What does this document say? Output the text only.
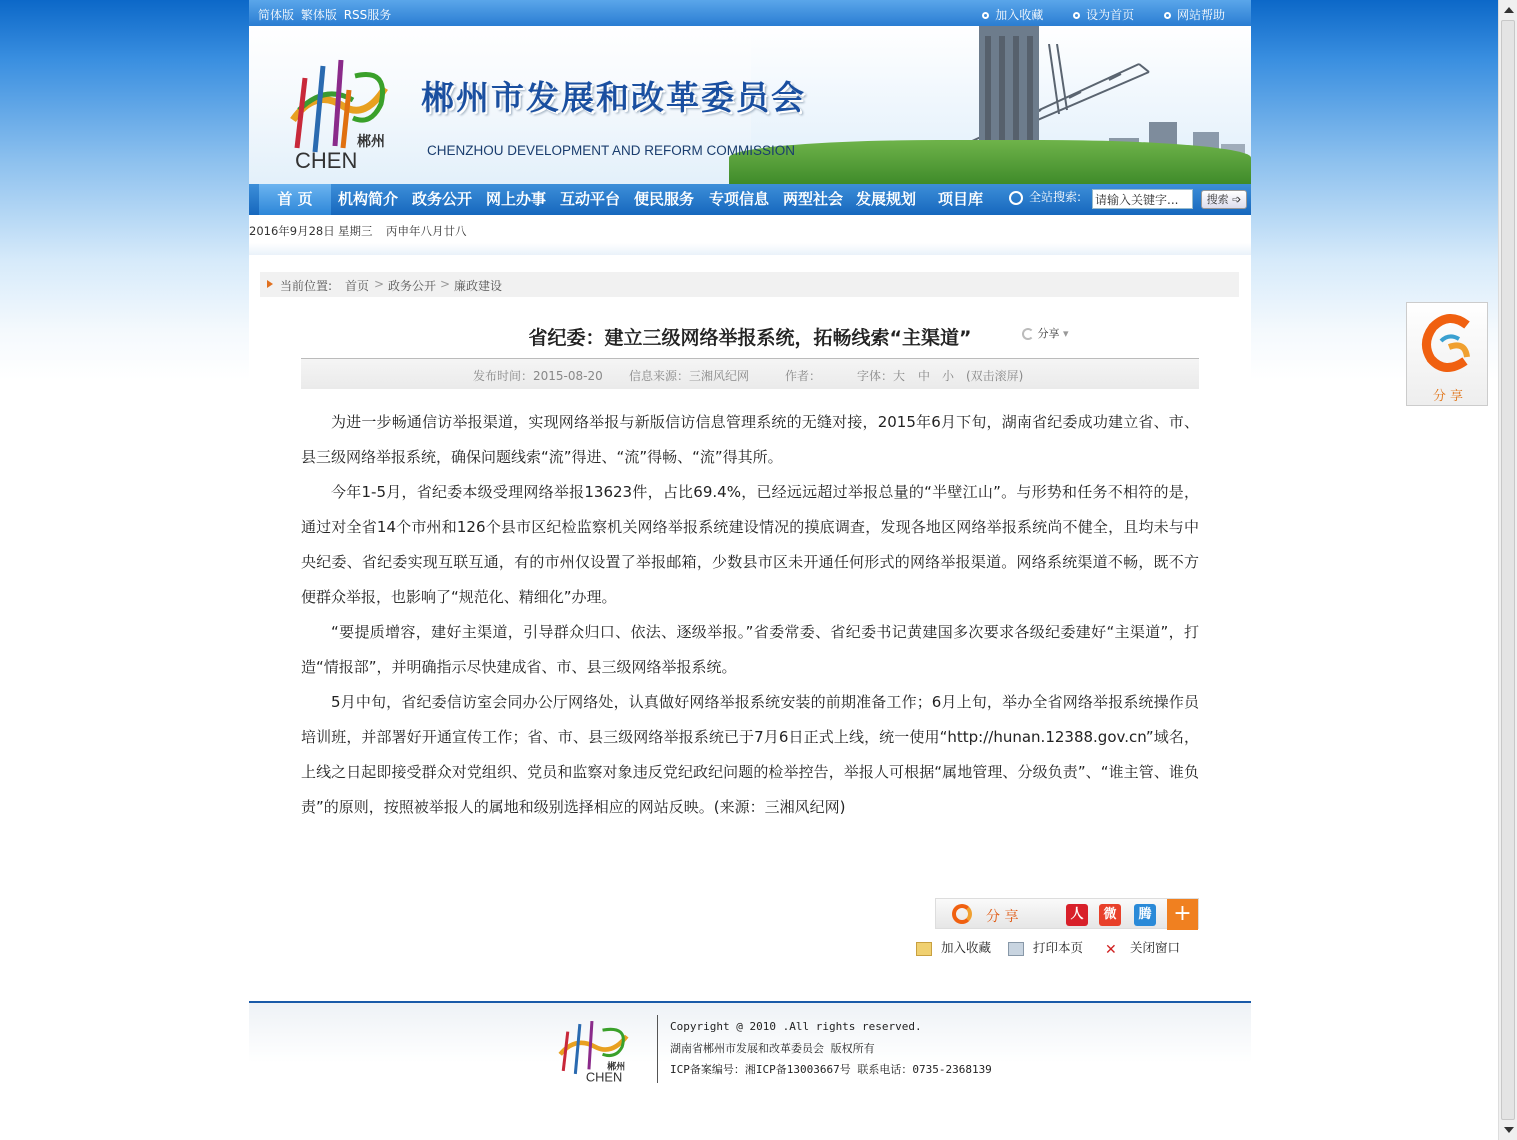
简体版 繁体版 RSS服务	加入收藏	设为首页	网站帮助
郴州
CHEN
郴州市发展和改革委员会
CHENZHOU DEVELOPMENT AND REFORM COMMISSION
首 页	机构简介 政务公开 网上办事 互动平台 便民服务 专项信息 两型社会 发展规划 项目库	全站搜索:
请输入关键字...	搜索 ➩
2016年9月28日 星期三 丙申年八月廿八
当前位置: 首页 > 政务公开 > 廉政建设
省纪委：建立三级网络举报系统，拓畅线索“主渠道”	分享 ▾
发布时间：2015-08-20 信息来源：三湘风纪网	作者：	字体： 大 中 小 (双击滚屏)

为进一步畅通信访举报渠道，实现网络举报与新版信访信息管理系统的无缝对接，2015年6月下旬，湖南省纪委成功建立省、市、县三级网络举报系统，确保问题线索“流”得进、“流”得畅、“流”得其所。

今年1-5月，省纪委本级受理网络举报13623件，占比69.4%，已经远远超过举报总量的“半壁江山”。与形势和任务不相符的是，通过对全省14个市州和126个县市区纪检监察机关网络举报系统建设情况的摸底调查，发现各地区网络举报系统尚不健全，且均未与中央纪委、省纪委实现互联互通，有的市州仅设置了举报邮箱，少数县市区未开通任何形式的网络举报渠道。网络系统渠道不畅，既不方便群众举报，也影响了“规范化、精细化”办理。

“要提质增容，建好主渠道，引导群众归口、依法、逐级举报。”省委常委、省纪委书记黄建国多次要求各级纪委建好“主渠道”，打造“情报部”，并明确指示尽快建成省、市、县三级网络举报系统。

5月中旬，省纪委信访室会同办公厅网络处，认真做好网络举报系统安装的前期准备工作；6月上旬，举办全省网络举报系统操作员培训班，并部署好开通宣传工作；省、市、县三级网络举报系统已于7月6日正式上线，统一使用“http://hunan.12388.gov.cn”域名，上线之日起即接受群众对党组织、党员和监察对象违反党纪政纪问题的检举控告，举报人可根据“属地管理、分级负责”、“谁主管、谁负责”的原则，按照被举报人的属地和级别选择相应的网站反映。(来源：三湘风纪网)

分 享	人	微	腾 +
加入收藏	打印本页 ✕ 关闭窗口
郴州
CHEN
Copyright @ 2010 .All rights reserved.
湖南省郴州市发展和改革委员会 版权所有
ICP备案编号：湘ICP备13003667号 联系电话：0735-2368139
分 享
